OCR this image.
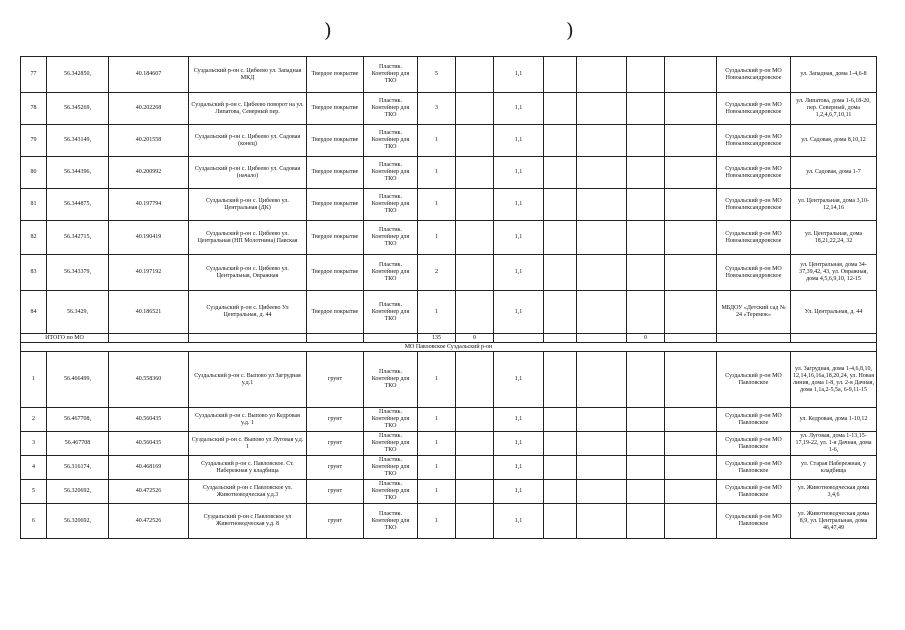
)	)
77	56.342850,	40.184607	Суздальский р-он с. Цибеево ул. Западная МКД	Твердое покрытие	Пластик. Контейнер для ТКО	5		1,1					Суздальский р-он МО Новоалександровское	ул. Западная, дома 1-4,6-8
78	56.345269,	40.202268	Суздальский р-он с. Цибеево поворот на ул. Липатова, Северный пер.	Твердое покрытие	Пластик. Контейнер для ТКО	3		1,1					Суздальский р-он МО Новоалександровское	ул. Липатова, дома 1-6,18-20, пер. Северный, дома 1,2,4,6,7,10,11
79	56.343149,	40.201558	Суздальский р-он с. Цибеево ул. Садовая (конец)	Твердое покрытие	Пластик. Контейнер для ТКО	1		1,1					Суздальский р-он МО Новоалександровское	ул. Садовая, дома 8,10,12
80	56.344396,	40.200992	Суздальский р-он с. Цибеево ул. Садовая (начало)	Твердое покрытие	Пластик. Контейнер для ТКО	1		1,1					Суздальский р-он МО Новоалександровское	ул. Садовая, дома 1-7
81	56.344875,	40.197794	Суздальский р-он с. Цибеево ул. Центральная (ДК)	Твердое покрытие	Пластик. Контейнер для ТКО	1		1,1					Суздальский р-он МО Новоалександровское	ул. Центральная, дома 3,10-12,14,16
82	56.342715,	40.190419	Суздальский р-он с. Цибеево ул. Центральная (НП Молотнина) Павская	Твердое покрытие	Пластик. Контейнер для ТКО	1		1,1					Суздальский р-он МО Новоалександровское	ул. Центральная, дома 18,21,22,24, 32
83	56.343379,	40.197192	Суздальский р-он с. Цибеево ул. Центральная, Овражная	Твердое покрытие	Пластик. Контейнер для ТКО	2		1,1					Суздальский р-он МО Новоалександровское	ул. Центральная, дома 34-37,39,42, 43, ул. Овражная, дома 4,5,6,9,10, 12-15
84	56.3429,	40.186521	Суздальский р-он с. Цибеево Ул Центральная, д. 44	Твердое покрытие	Пластик. Контейнер для ТКО	1		1,1					МБДОУ «Детский сад № 24 «Теремок»	Ул. Центральная, д. 44
ИТОГО по МО						135	0				0			
МО Павловское Суздальский р-он														
1	56.466499,	40.558360	Суздальский р-он с. Выпово ул Загрудная у.д.1	грунт	Пластик. Контейнер для ТКО	1		1,1					Суздальский р-он МО Павловское	ул. Загрудная, дома 1-4,6,8,10, 12,14,16,16а,18,20,24, ул. Новая линия, дома 1-8, ул. 2-я Дачная, дома 1,1а,2-5,5а, 6-9,11-15
2	56.467708,	40.560435	Суздальский р-он с. Выпово ул Кедровая у.д. 1	грунт	Пластик. Контейнер для ТКО	1		1,1					Суздальский р-он МО Павловское	ул. Кедровая, дома 1-10,12
3	56.467708	40.560435	Суздальский р-он с. Выпово ул Луговая у.д. 1	грунт	Пластик. Контейнер для ТКО	1		1,1					Суздальский р-он МО Павловское	ул. Луговая, дома 1-13,15-17,19-22, ул. 1-я Дачная, дома 1-6,
4	56.316174,	40.468169	Суздальский р-он с. Павловское. Ст. Набережная у кладбища	грунт	Пластик. Контейнер для ТКО	1		1,1					Суздальский р-он МО Павловское	ул. Старая Набережная, у кладбища
5	56.320692,	40.472526	Суздальский р-он с Павловское ул. Животноводческая у.д.3	грунт	Пластик. Контейнер для ТКО	1		1,1					Суздальский р-он МО Павловское	ул. Животноводческая дома 3,4,6
6	56.320692,	40.472526	Суздальский р-он с Павловское ул Животноводческая у.д. 8	грунт	Пластик. Контейнер для ТКО	1		1,1					Суздальский р-он МО Павловское	ул. Животноводческая дома 8,9, ул. Центральная, дома 46,47,49
